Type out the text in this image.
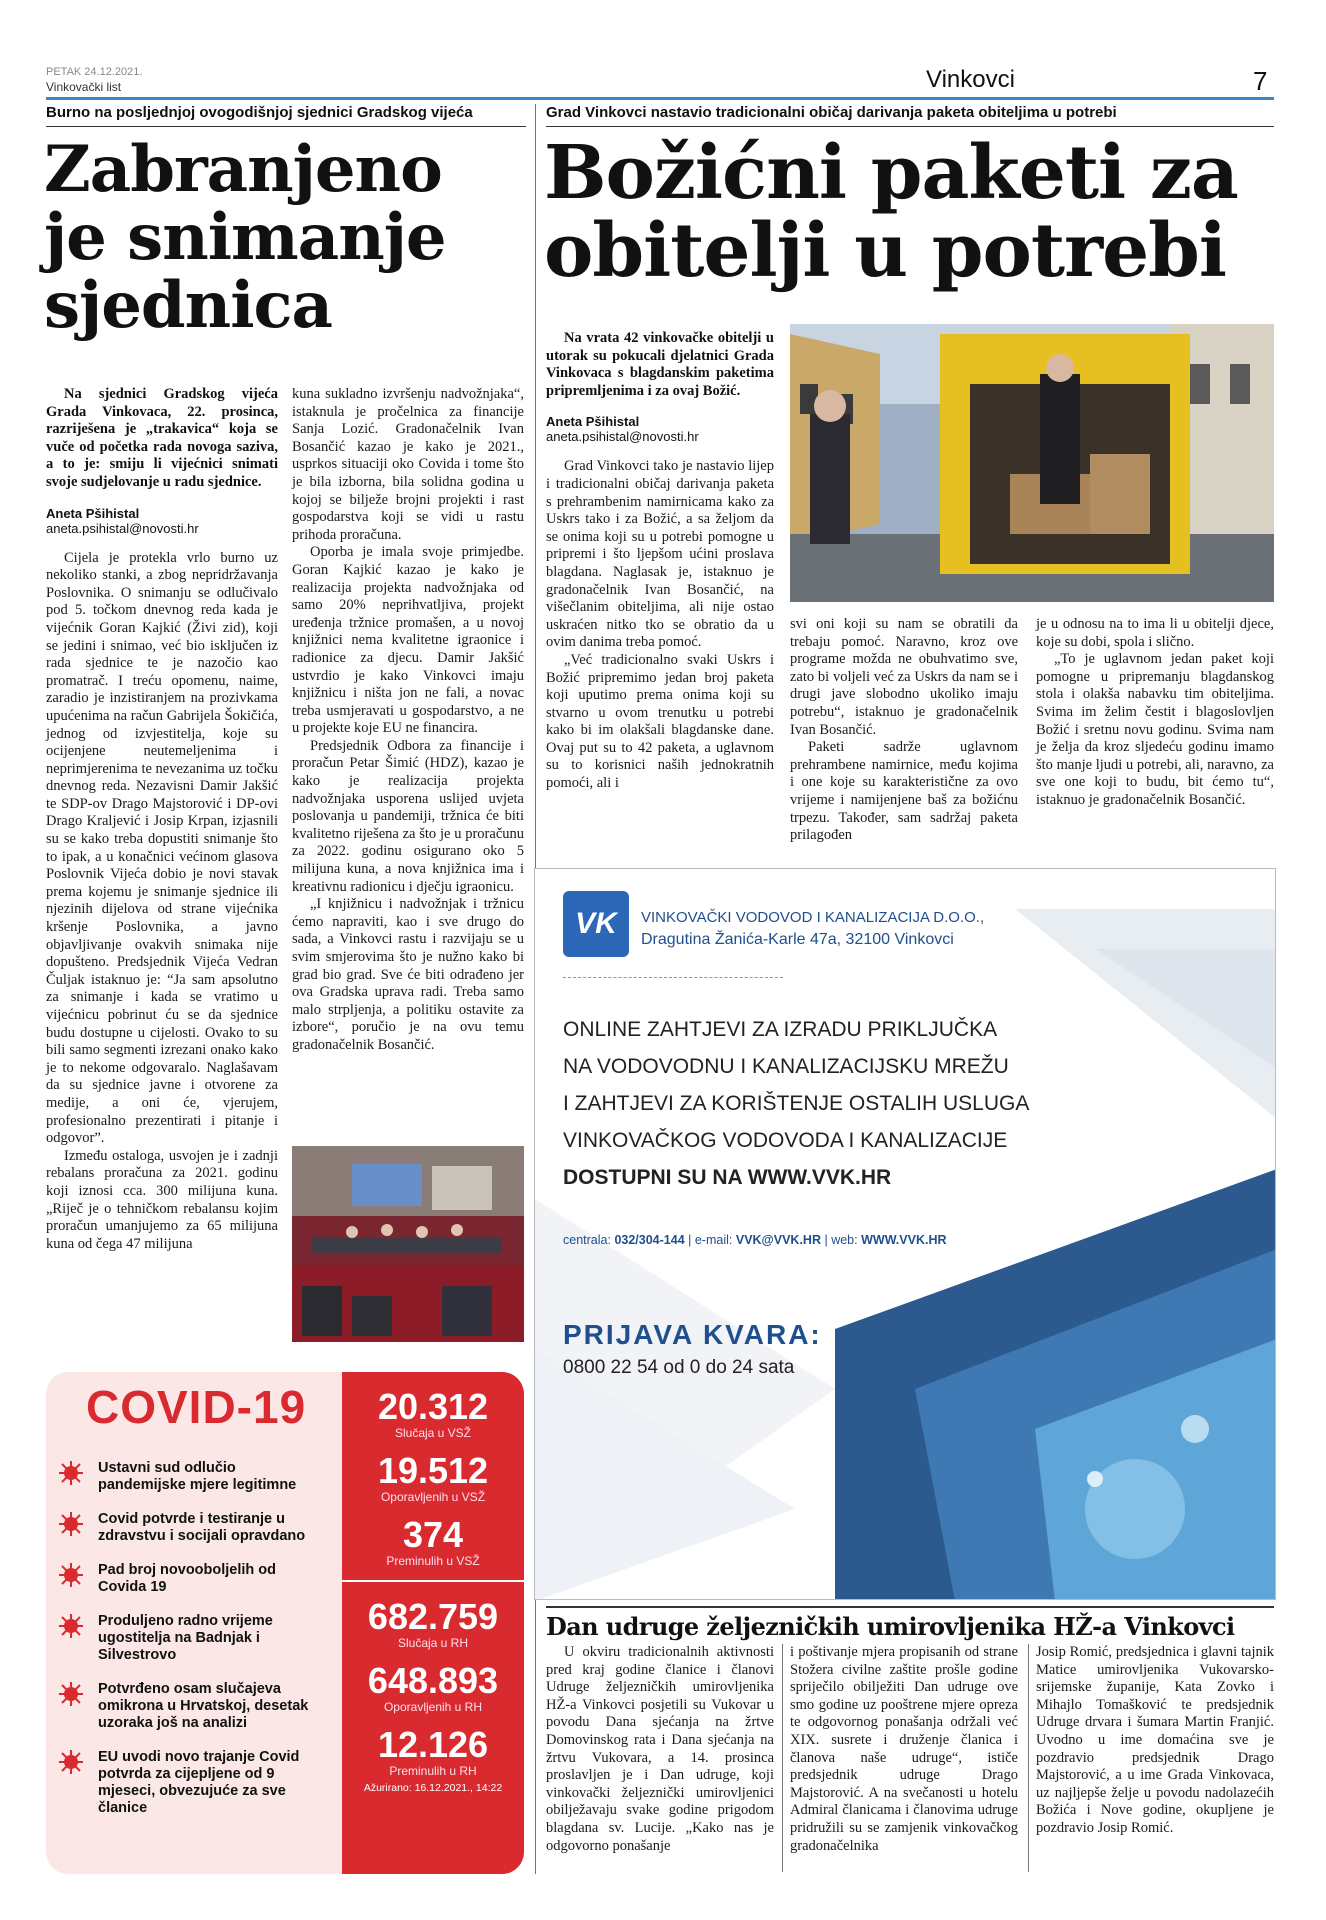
PETAK 24.12.2021.
Vinkovački list	Vinkovci	7
Burno na posljednjoj ovogodišnjoj sjednici Gradskog vijeća
Zabranjeno
je snimanje
sjednica
Na sjednici Gradskog vijeća Grada Vinkovaca, 22. prosinca, razriješena je „trakavica“ koja se vuče od početka rada novoga saziva, a to je: smiju li vijećnici snimati svoje sudjelovanje u radu sjednice.
Aneta Pšihistal
aneta.psihistal@novosti.hr

Cijela je protekla vrlo burno uz nekoliko stanki, a zbog nepridržavanja Poslovnika. O snimanju se odlučivalo pod 5. točkom dnevnog reda kada je vijećnik Goran Kajkić (Živi zid), koji se jedini i snimao, već bio isključen iz rada sjednice te je nazočio kao promatrač. I treću opomenu, naime, zaradio je inzistiranjem na prozivkama upućenima na račun Gabrijela Šokičića, jednog od izvjestitelja, koje su ocijenjene neutemeljenima i neprimjerenima te nevezanima uz točku dnevnog reda. Nezavisni Damir Jakšić te SDP-ov Drago Majstorović i DP-ovi Drago Kraljević i Josip Krpan, izjasnili su se kako treba dopustiti snimanje što to ipak, a u konačnici većinom glasova Poslovnik Vijeća dobio je novi stavak prema kojemu je snimanje sjednice ili njezinih dijelova od strane vijećnika kršenje Poslovnika, a javno objavljivanje ovakvih snimaka nije dopušteno. Predsjednik Vijeća Vedran Čuljak istaknuo je: “Ja sam apsolutno za snimanje i kada se vratimo u vijećnicu pobrinut ću se da sjednice budu dostupne u cijelosti. Ovako to su bili samo segmenti izrezani onako kako je to nekome odgovaralo. Naglašavam da su sjednice javne i otvorene za medije, a oni će, vjerujem, profesionalno prezentirati i pitanje i odgovor”.

Između ostaloga, usvojen je i zadnji rebalans proračuna za 2021. godinu koji iznosi cca. 300 milijuna kuna. „Riječ je o tehničkom rebalansu kojim proračun umanjujemo za 65 milijuna kuna od čega 47 milijuna

kuna sukladno izvršenju nadvožnjaka“, istaknula je pročelnica za financije Sanja Lozić. Gradonačelnik Ivan Bosančić kazao je kako je 2021., usprkos situaciji oko Covida i tome što je bila izborna, bila solidna godina u kojoj se bilježe brojni projekti i rast gospodarstva koji se vidi u rastu prihoda proračuna.

Oporba je imala svoje primjedbe. Goran Kajkić kazao je kako je realizacija projekta nadvožnjaka od samo 20% neprihvatljiva, projekt uređenja tržnice promašen, a u novoj knjižnici nema kvalitetne igraonice i radionice za djecu. Damir Jakšić ustvrdio je kako Vinkovci imaju knjižnicu i ništa jon ne fali, a novac treba usmjeravati u gospodarstvo, a ne u projekte koje EU ne financira.

Predsjednik Odbora za financije i proračun Petar Šimić (HDZ), kazao je kako je realizacija projekta nadvožnjaka usporena uslijed uvjeta poslovanja u pandemiji, tržnica će biti kvalitetno riješena za što je u proračunu za 2022. godinu osigurano oko 5 milijuna kuna, a nova knjižnica ima i kreativnu radionicu i dječju igraonicu.

„I knjižnicu i nadvožnjak i tržnicu ćemo napraviti, kao i sve drugo do sada, a Vinkovci rastu i razvijaju se u svim smjerovima što je nužno kako bi grad bio grad. Sve će biti odrađeno jer ova Gradska uprava radi. Treba samo malo strpljenja, a politiku ostavite za izbore“, poručio je na ovu temu gradonačelnik Bosančić.

Grad Vinkovci nastavio tradicionalni običaj darivanja paketa obiteljima u potrebi
Božićni paketi za
obitelji u potrebi
Na vrata 42 vinkovačke obitelji u utorak su pokucali djelatnici Grada Vinkovaca s blagdanskim paketima pripremljenima i za ovaj Božić.
Aneta Pšihistal
aneta.psihistal@novosti.hr

Grad Vinkovci tako je nastavio lijep i tradicionalni običaj darivanja paketa s prehrambenim namirnicama kako za Uskrs tako i za Božić, a sa željom da se onima koji su u potrebi pomogne u pripremi i što ljepšom ućini proslava blagdana. Naglasak je, istaknuo je gradonačelnik Ivan Bosančić, na višečlanim obiteljima, ali nije ostao uskraćen nitko tko se obratio da u ovim danima treba pomoć.

„Već tradicionalno svaki Uskrs i Božić pripremimo jedan broj paketa koji uputimo prema onima koji su stvarno u ovom trenutku u potrebi kako bi im olakšali blagdanske dane. Ovaj put su to 42 paketa, a uglavnom su to korisnici naših jednokratnih pomoći, ali i

svi oni koji su nam se obratili da trebaju pomoć. Naravno, kroz ove programe možda ne obuhvatimo sve, zato bi voljeli već za Uskrs da nam se i drugi jave slobodno ukoliko imaju potrebu“, istaknuo je gradonačelnik Ivan Bosančić.

Paketi sadrže uglavnom prehrambene namirnice, među kojima i one koje su karakteristične za ovo vrijeme i namijenjene baš za božićnu trpezu. Također, sam sadržaj paketa prilagođen

je u odnosu na to ima li u obitelji djece, koje su dobi, spola i slično.

„To je uglavnom jedan paket koji pomogne u pripremanju blagdanskog stola i olakša nabavku tim obiteljima. Svima im želim čestit i blagoslovljen Božić i sretnu novu godinu. Svima nam je želja da kroz sljedeću godinu imamo što manje ljudi u potrebi, ali, naravno, za sve one koji to budu, bit ćemo tu“, istaknuo je gradonačelnik Bosančić.

VK VINKOVAČKI VODOVOD I KANALIZACIJA D.O.O.,
Dragutina Žanića-Karle 47a, 32100 Vinkovci
ONLINE ZAHTJEVI ZA IZRADU PRIKLJUČKA
NA VODOVODNU I KANALIZACIJSKU MREŽU
I ZAHTJEVI ZA KORIŠTENJE OSTALIH USLUGA
VINKOVAČKOG VODOVODA I KANALIZACIJE
DOSTUPNI SU NA WWW.VVK.HR
centrala: 032/304-144 | e-mail: VVK@VVK.HR | web: WWW.VVK.HR
PRIJAVA KVARA:
0800 22 54 od 0 do 24 sata
COVID-19
Ustavni sud odlučio pandemijske mjere legitimne
Covid potvrde i testiranje u zdravstvu i socijali opravdano
Pad broj novooboljelih od Covida 19
Produljeno radno vrijeme ugostitelja na Badnjak i Silvestrovo
Potvrđeno osam slučajeva omikrona u Hrvatskoj, desetak uzoraka još na analizi
EU uvodi novo trajanje Covid potvrda za cijepljene od 9 mjeseci, obvezujuće za sve članice
20.312
Slučaja u VSŽ
19.512
Oporavljenih u VSŽ
374
Preminulih u VSŽ
682.759
Slučaja u RH
648.893
Oporavljenih u RH
12.126
Preminulih u RH
Ažurirano: 16.12.2021., 14:22
Dan udruge željezničkih umirovljenika HŽ-a Vinkovci

U okviru tradicionalnih aktivnosti pred kraj godine članice i članovi Udruge željezničkih umirovljenika HŽ-a Vinkovci posjetili su Vukovar u povodu Dana sjećanja na žrtve Domovinskog rata i Dana sjećanja na žrtvu Vukovara, a 14. prosinca proslavljen je i Dan udruge, koji vinkovački željeznički umirovljenici obilježavaju svake godine prigodom blagdana sv. Lucije. „Kako nas je odgovorno ponašanje

i poštivanje mjera propisanih od strane Stožera civilne zaštite prošle godine spriječilo obilježiti Dan udruge ove smo godine uz pooštrene mjere opreza te odgovornog ponašanja održali već XIX. susrete i druženje članica i članova naše udruge“, ističe predsjednik udruge Drago Majstorović. A na svečanosti u hotelu Admiral članicama i članovima udruge pridružili su se zamjenik vinkovačkog gradonačelnika

Josip Romić, predsjednica i glavni tajnik Matice umirovljenika Vukovarsko-srijemske županije, Kata Zovko i Mihajlo Tomašković te predsjednik Udruge drvara i šumara Martin Franjić. Uvodno u ime domaćina sve je pozdravio predsjednik Drago Majstorović, a u ime Grada Vinkovaca, uz najljepše želje u povodu nadolazećih Božića i Nove godine, okupljene je pozdravio Josip Romić.
